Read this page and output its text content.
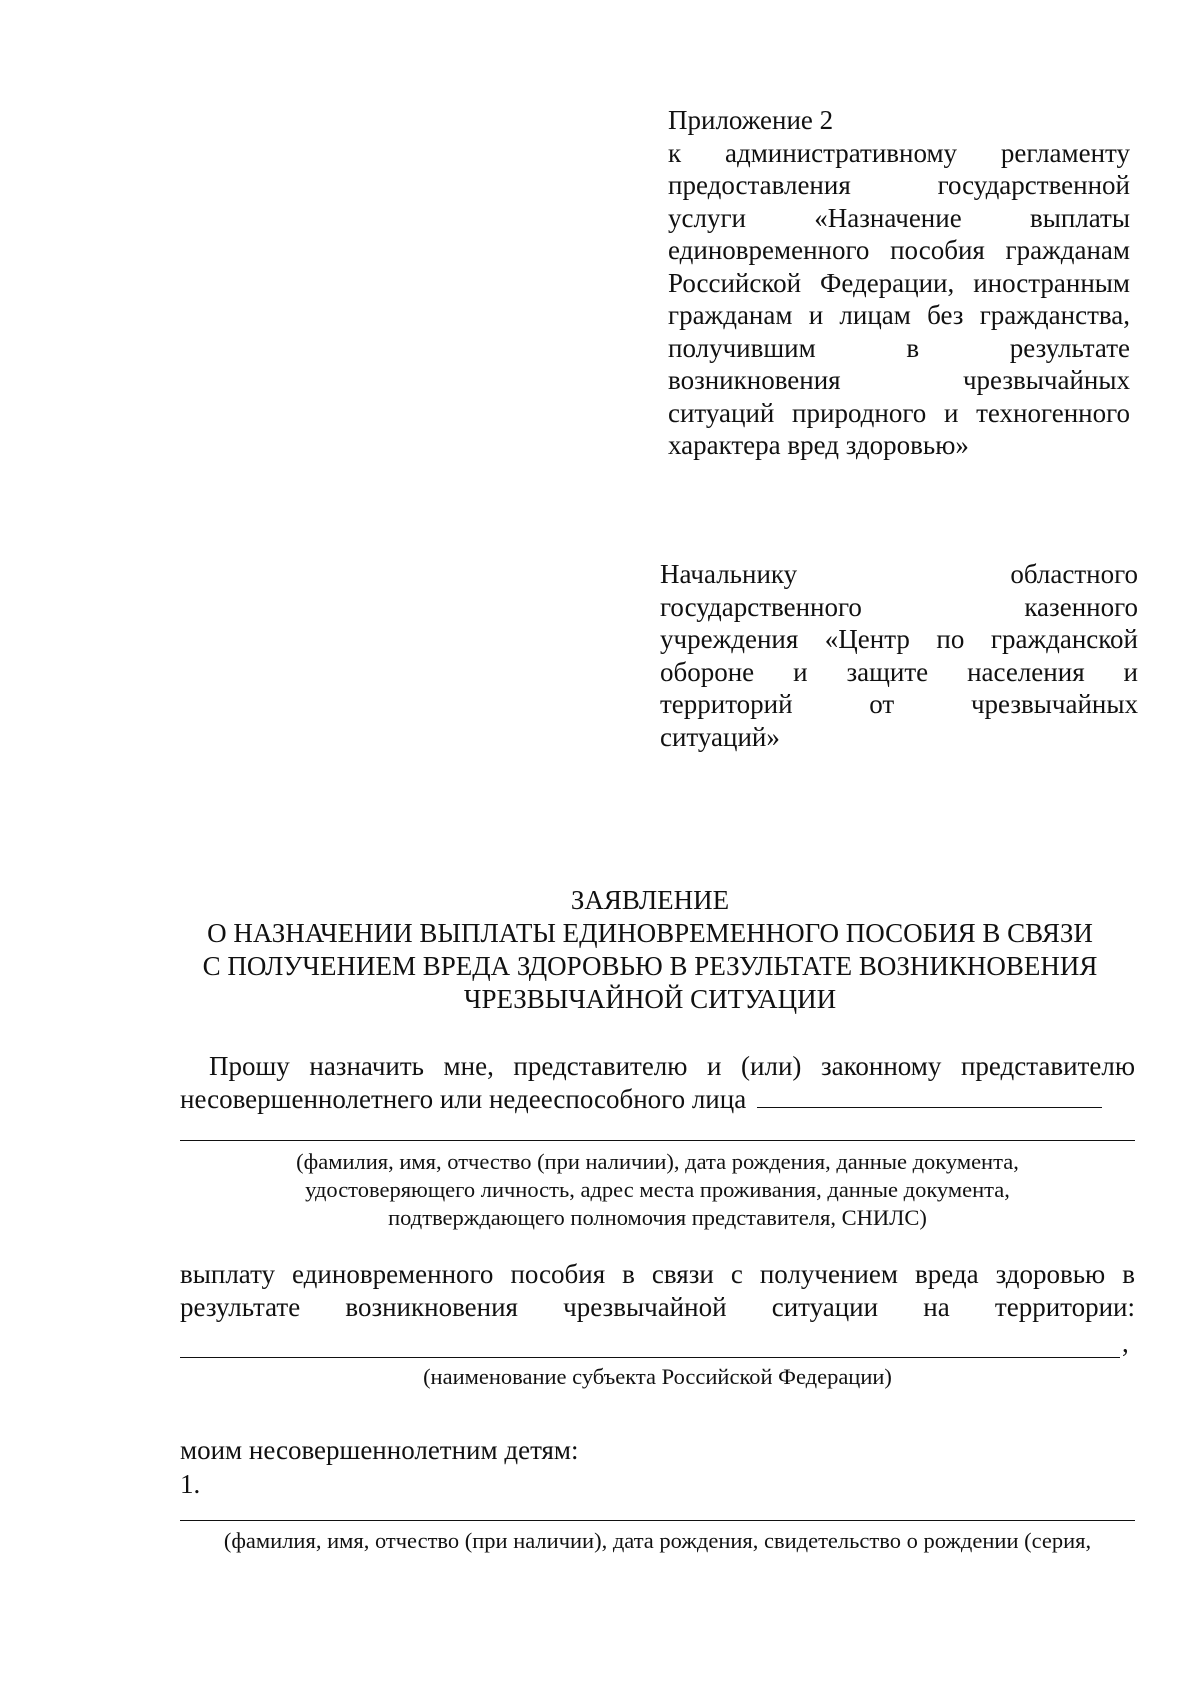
Приложение 2
к административному регламенту
предоставления государственной
услуги «Назначение выплаты
единовременного пособия гражданам
Российской Федерации, иностранным
гражданам и лицам без гражданства,
получившим в результате
возникновения чрезвычайных
ситуаций природного и техногенного
характера вред здоровью»
Начальнику областного
государственного казенного
учреждения «Центр по гражданской
обороне и защите населения и
территорий от чрезвычайных
ситуаций»
ЗАЯВЛЕНИЕ
О НАЗНАЧЕНИИ ВЫПЛАТЫ ЕДИНОВРЕМЕННОГО ПОСОБИЯ В СВЯЗИ
С ПОЛУЧЕНИЕМ ВРЕДА ЗДОРОВЬЮ В РЕЗУЛЬТАТЕ ВОЗНИКНОВЕНИЯ
ЧРЕЗВЫЧАЙНОЙ СИТУАЦИИ
Прошу назначить мне, представителю и (или) законному представителю
несовершеннолетнего или недееспособного лица
(фамилия, имя, отчество (при наличии), дата рождения, данные документа,
удостоверяющего личность, адрес места проживания, данные документа,
подтверждающего полномочия представителя, СНИЛС)
выплату единовременного пособия в связи с получением вреда здоровью в
результате возникновения чрезвычайной ситуации на территории:
,
(наименование субъекта Российской Федерации)
моим несовершеннолетним детям:
1.
(фамилия, имя, отчество (при наличии), дата рождения, свидетельство о рождении (серия,
